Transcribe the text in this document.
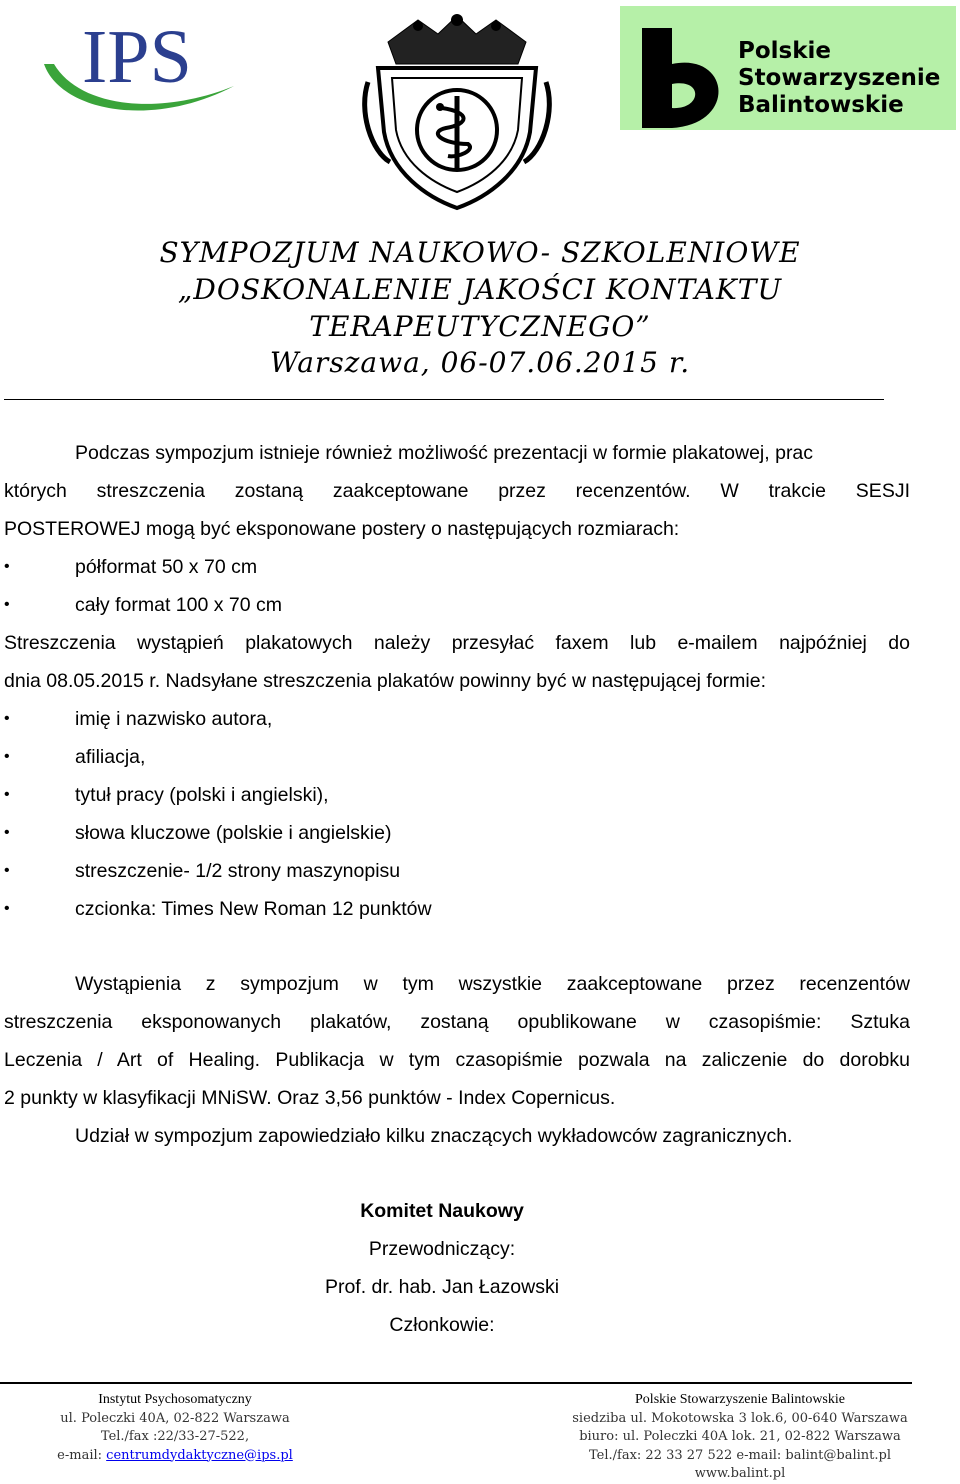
IPS	Polskie
Stowarzyszenie
Balintowskie
SYMPOZJUM NAUKOWO- SZKOLENIOWE
„DOSKONALENIE JAKOŚCI KONTAKTU
TERAPEUTYCZNEGO”
Warszawa, 06-07.06.2015 r.
Podczas sympozjum istnieje również możliwość prezentacji w formie plakatowej, prac
których streszczenia zostaną zaakceptowane przez recenzentów. W trakcie SESJI
POSTEROWEJ mogą być eksponowane postery o następujących rozmiarach:
•	półformat 50 x 70 cm
•	cały format 100 x 70 cm
Streszczenia wystąpień plakatowych należy przesyłać faxem lub e-mailem najpóźniej do
dnia 08.05.2015 r. Nadsyłane streszczenia plakatów powinny być w następującej formie:
•	imię i nazwisko autora,
•	afiliacja,
•	tytuł pracy (polski i angielski),
•	słowa kluczowe (polskie i angielskie)
•	streszczenie- 1/2 strony maszynopisu
•	czcionka: Times New Roman 12 punktów
Wystąpienia z sympozjum w tym wszystkie zaakceptowane przez recenzentów
streszczenia eksponowanych plakatów, zostaną opublikowane w czasopiśmie: Sztuka
Leczenia / Art of Healing. Publikacja w tym czasopiśmie pozwala na zaliczenie do dorobku
2 punkty w klasyfikacji MNiSW. Oraz 3,56 punktów - Index Copernicus.
Udział w sympozjum zapowiedziało kilku znaczących wykładowców zagranicznych.
Komitet Naukowy
Przewodniczący:
Prof. dr. hab. Jan Łazowski
Członkowie:
Instytut Psychosomatyczny
ul. Poleczki 40A, 02-822 Warszawa
Tel./fax :22/33-27-522,
e-mail: centrumdydaktyczne@ips.pl
Polskie Stowarzyszenie Balintowskie
siedziba ul. Mokotowska 3 lok.6, 00-640 Warszawa
biuro: ul. Poleczki 40A lok. 21, 02-822 Warszawa
Tel./fax: 22 33 27 522 e-mail: balint@balint.pl
www.balint.pl
